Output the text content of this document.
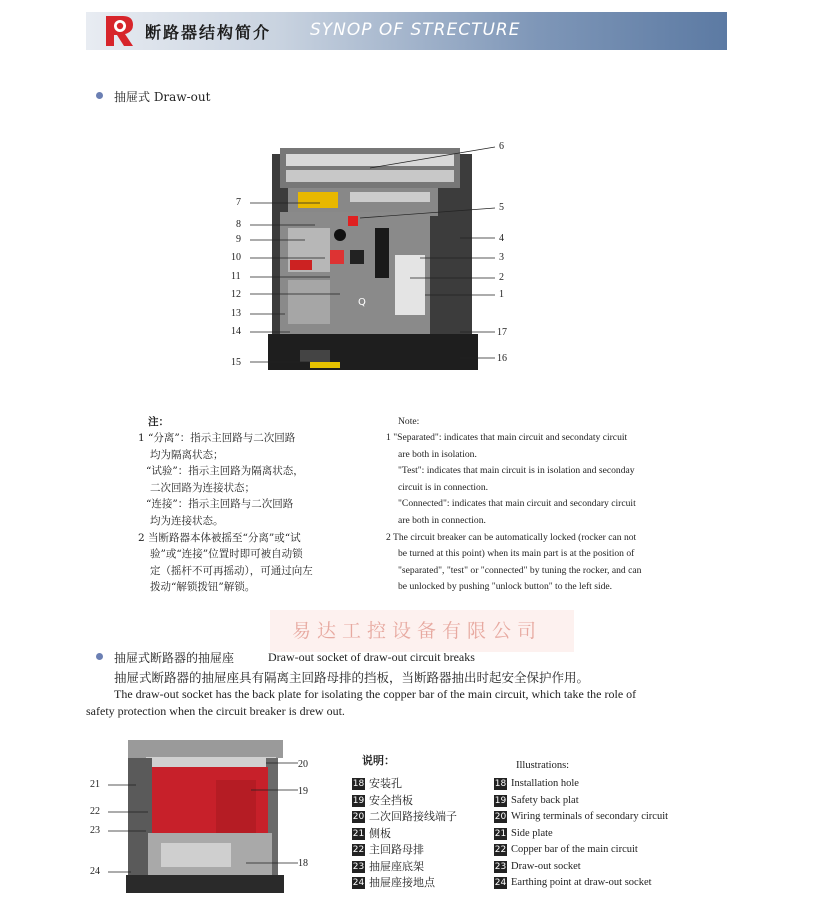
断路器结构简介 SYNOP OF STRECTURE
抽屉式 Draw-out
Q
6
7	5
8
4
9
10	3
11	2
12	1
13
14	17
15	16
注：
1 “分离”：指示主回路与二次回路
均为隔离状态；
“试验”：指示主回路为隔离状态，
二次回路为连接状态；
“连接”：指示主回路与二次回路
均为连接状态。
2 当断路器本体被摇至“分离”或“试
验”或“连接”位置时即可被自动锁
定（摇杆不可再摇动），可通过向左
拨动“解锁拨钮”解锁。
Note:
1 "Separated": indicates that main circuit and secondaty circuit
are both in isolation.
"Test": indicates that main circuit is in isolation and seconday
circuit is in connection.
"Connected": indicates that main circuit and secondary circuit
are both in connection.
2 The circuit breaker can be automatically locked (rocker can not
be turned at this point) when its main part is at the position of
"separated", "test" or "connected" by tuning the rocker, and can
be unlocked by pushing "unlock button" to the left side.
易达工控设备有限公司
抽屉式断路器的抽屉座	Draw-out socket of draw-out circuit breaks
抽屉式断路器的抽屉座具有隔离主回路母排的挡板，当断路器抽出时起安全保护作用。
The draw-out socket has the back plate for isolating the copper bar of the main circuit, which take the role of
safety protection when the circuit breaker is drew out.
20
21
19
22
23
18
24
说明：
18 安装孔
19 安全挡板
20 二次回路接线端子
21 侧板
22 主回路母排
23 抽屉座底架
24 抽屉座接地点
Illustrations:
18 Installation hole
19 Safety back plat
20 Wiring terminals of secondary circuit
21 Side plate
22 Copper bar of the main circuit
23 Draw-out socket
24 Earthing point at draw-out socket
